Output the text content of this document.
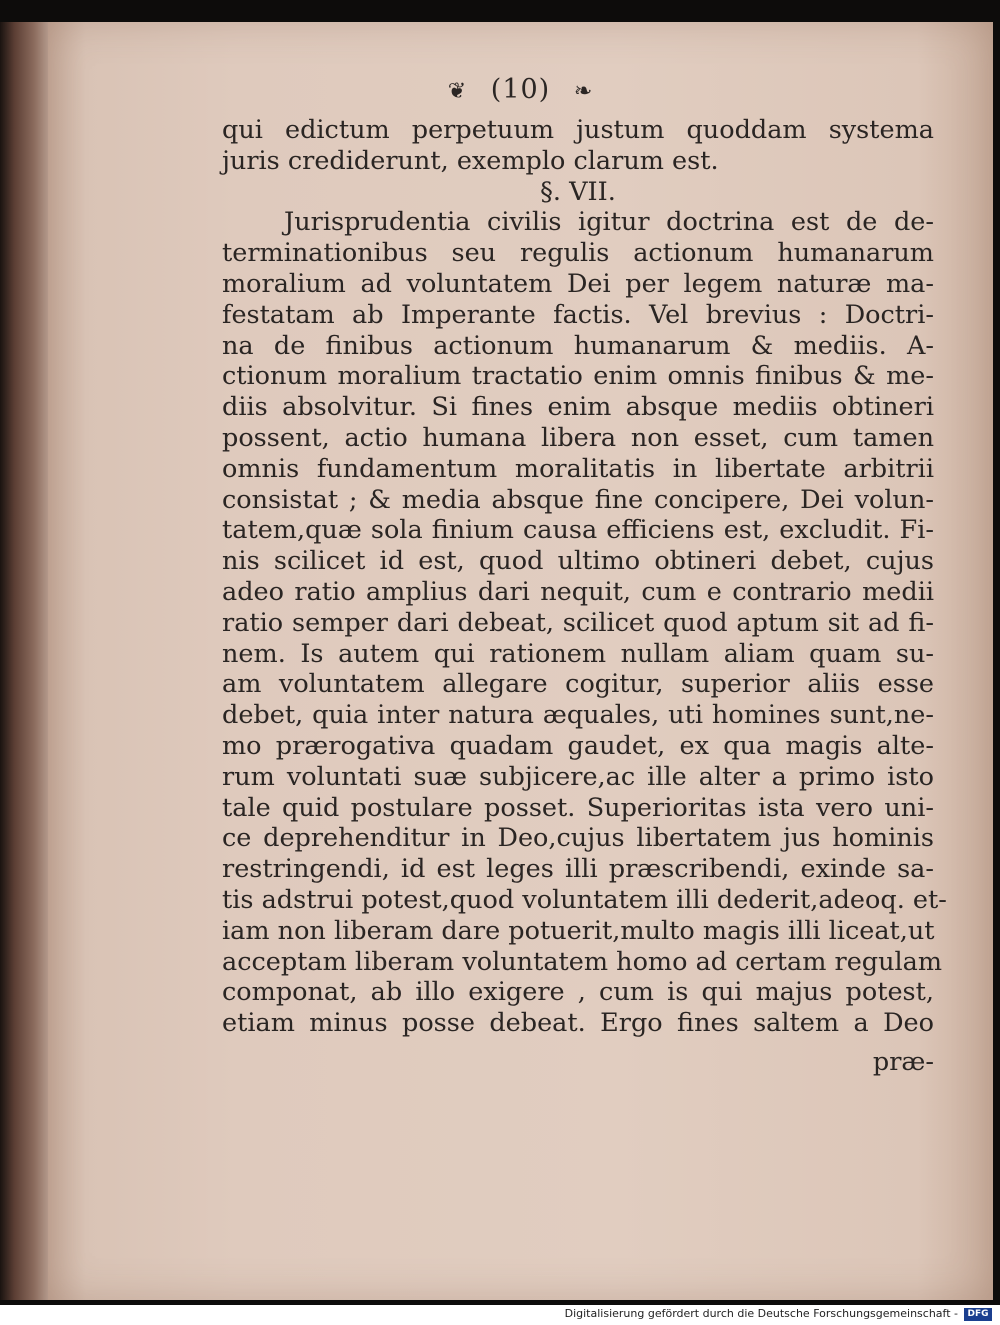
❦ (10) ❧
qui edictum perpetuum justum quoddam systema
juris crediderunt, exemplo clarum est.
§. VII.
Jurisprudentia civilis igitur doctrina est de de-
terminationibus seu regulis actionum humanarum
moralium ad voluntatem Dei per legem naturæ ma-
festatam ab Imperante factis. Vel brevius : Doctri-
na de finibus actionum humanarum & mediis. A-
ctionum moralium tractatio enim omnis finibus & me-
diis absolvitur. Si fines enim absque mediis obtineri
possent, actio humana libera non esset, cum tamen
omnis fundamentum moralitatis in libertate arbitrii
consistat ; & media absque fine concipere, Dei volun-
tatem,quæ sola finium causa efficiens est, excludit. Fi-
nis scilicet id est, quod ultimo obtineri debet, cujus
adeo ratio amplius dari nequit, cum e contrario medii
ratio semper dari debeat, scilicet quod aptum sit ad fi-
nem. Is autem qui rationem nullam aliam quam su-
am voluntatem allegare cogitur, superior aliis esse
debet, quia inter natura æquales, uti homines sunt,ne-
mo prærogativa quadam gaudet, ex qua magis alte-
rum voluntati suæ subjicere,ac ille alter a primo isto
tale quid postulare posset. Superioritas ista vero uni-
ce deprehenditur in Deo,cujus libertatem jus hominis
restringendi, id est leges illi præscribendi, exinde sa-
tis adstrui potest,quod voluntatem illi dederit,adeoq. et-
iam non liberam dare potuerit,multo magis illi liceat,ut
acceptam liberam voluntatem homo ad certam regulam
componat, ab illo exigere , cum is qui majus potest,
etiam minus posse debeat. Ergo fines saltem a Deo
præ-
Digitalisierung gefördert durch die Deutsche Forschungsgemeinschaft -	DFG
